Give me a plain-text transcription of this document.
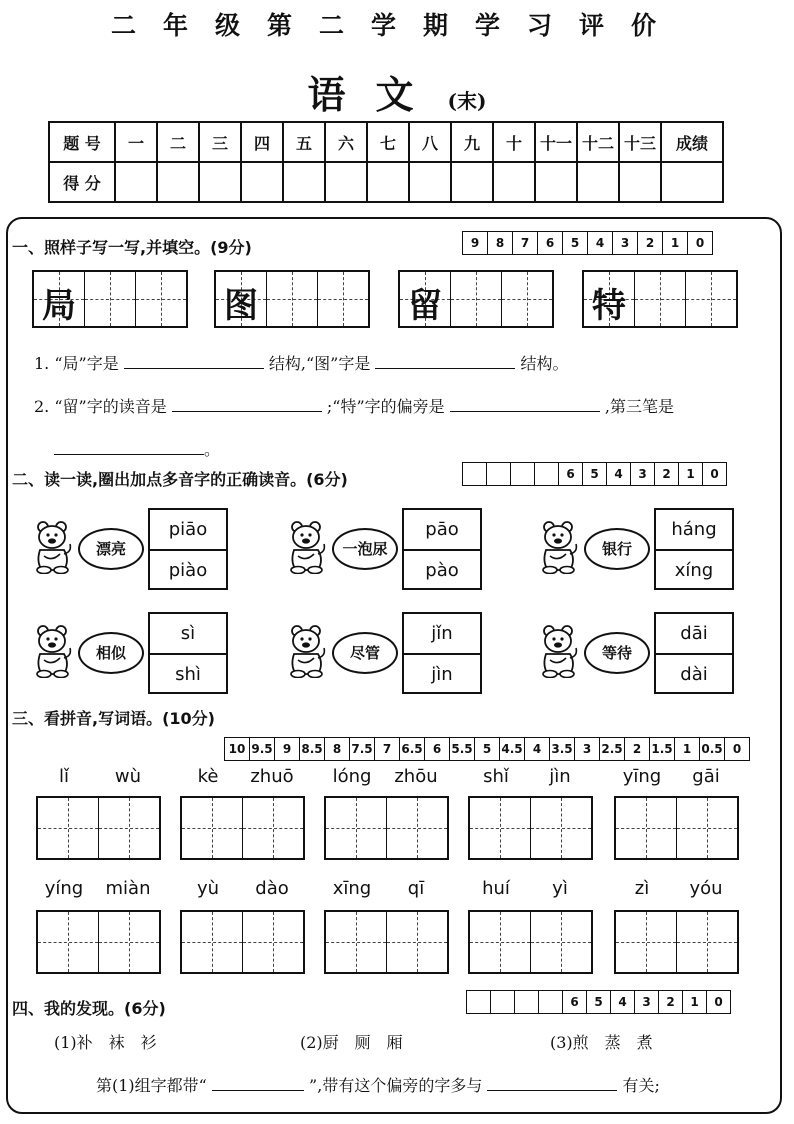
二年级第二学期学习评价
语文 (末)
题 号	一	二	三	四	五	六	七	八	九	十	十一	十二	十三	成绩
得 分														
一、照样子写一写,并填空。(9分)	9	8	7	6	5	4	3	2	1	0
局	图	留	特
1. “局”字是	结构,“图”字是	结构。
2. “留”字的读音是	;“特”字的偏旁是	,第三笔是
。
二、读一读,圈出加点多音字的正确读音。(6分)	6	5	4	3	2	1	0
漂亮
piāo
piào
一泡尿
pāo
pào
银行
háng
xíng
相似
sì
shì
尽管
jǐn
jìn
等待
dāi
dài
三、看拼音,写词语。(10分)
10 9.5 9 8.5 8 7.5 7 6.5 6 5.5 5 4.5 4 3.5 3 2.5 2 1.5 1 0.5 0
lǐ	wù	kè zhuō lóng zhōu	shǐ jìn	yīng gāi
yíng miàn	yù dào xīng qī	huí yì	zì yóu
四、我的发现。(6分)	6	5	4	3	2	1	0
(1)补　袜　衫	(2)厨　厕　厢	(3)煎　蒸　煮
第(1)组字都带“	”,带有这个偏旁的字多与	有关;
